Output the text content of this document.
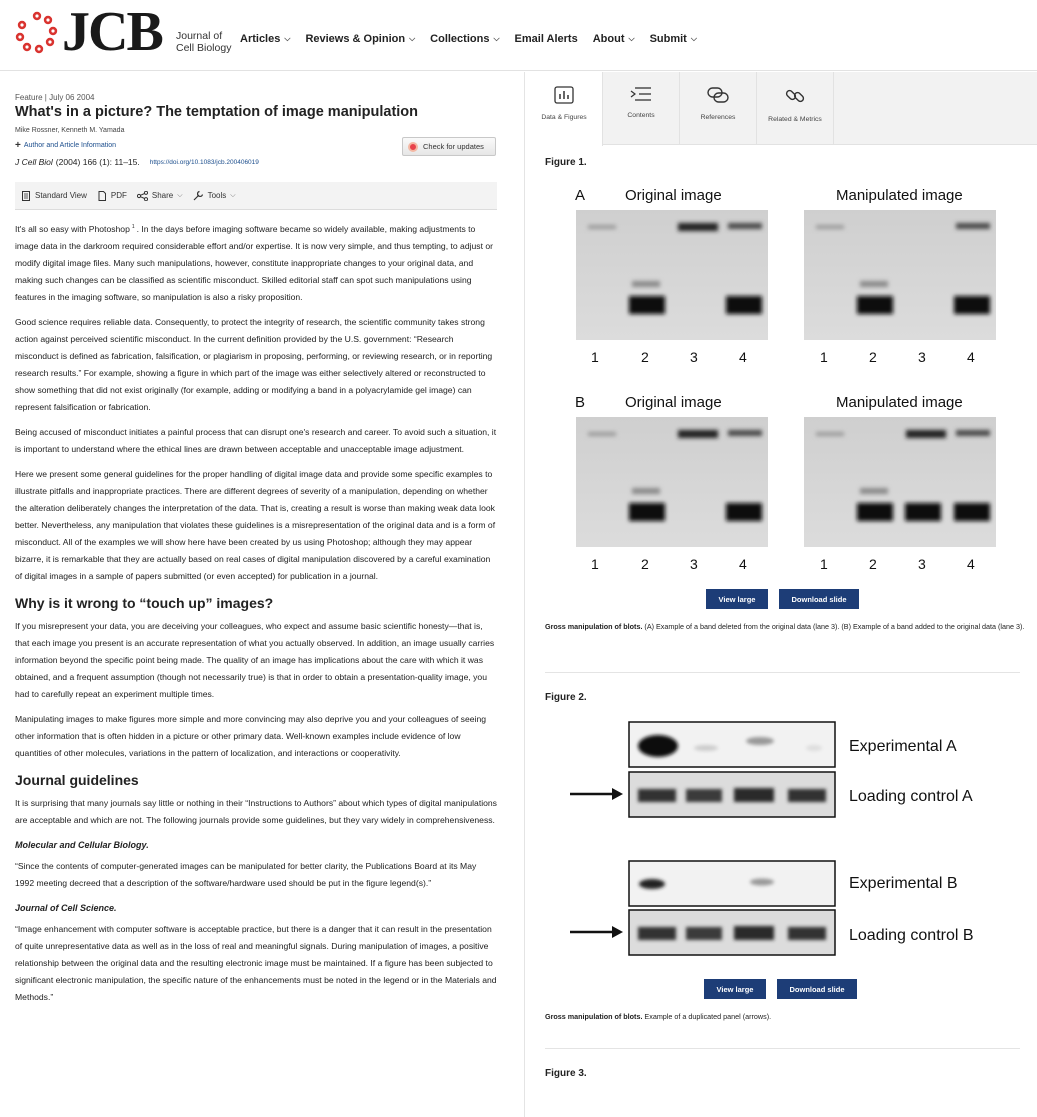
JCB Journal of
Cell Biology
Articles ⌵ Reviews & Opinion ⌵ Collections ⌵ Email Alerts About ⌵ Submit ⌵
Feature | July 06 2004
What's in a picture? The temptation of image manipulation
Mike Rossner, Kenneth M. Yamada
+ Author and Article Information	Check for updates
J Cell Biol (2004) 166 (1): 11–15. https://doi.org/10.1083/jcb.200406019
Standard View	PDF	Share ⌵	Tools ⌵

It's all so easy with Photoshop $^1$ . In the days before imaging software became so widely available, making adjustments to image data in the darkroom required considerable effort and/or expertise. It is now very simple, and thus tempting, to adjust or modify digital image files. Many such manipulations, however, constitute inappropriate changes to your original data, and making such changes can be classified as scientific misconduct. Skilled editorial staff can spot such manipulations using features in the imaging software, so manipulation is also a risky proposition.

Good science requires reliable data. Consequently, to protect the integrity of research, the scientific community takes strong action against perceived scientific misconduct. In the current definition provided by the U.S. government: “Research misconduct is defined as fabrication, falsification, or plagiarism in proposing, performing, or reviewing research, or in reporting research results.” For example, showing a figure in which part of the image was either selectively altered or reconstructed to show something that did not exist originally (for example, adding or modifying a band in a polyacrylamide gel image) can represent falsification or fabrication.

Being accused of misconduct initiates a painful process that can disrupt one's research and career. To avoid such a situation, it is important to understand where the ethical lines are drawn between acceptable and unacceptable image adjustment.

Here we present some general guidelines for the proper handling of digital image data and provide some specific examples to illustrate pitfalls and inappropriate practices. There are different degrees of severity of a manipulation, depending on whether the alteration deliberately changes the interpretation of the data. That is, creating a result is worse than making weak data look better. Nevertheless, any manipulation that violates these guidelines is a misrepresentation of the original data and is a form of misconduct. All of the examples we will show here have been created by us using Photoshop; although they may appear bizarre, it is remarkable that they are actually based on real cases of digital manipulation discovered by a careful examination of digital images in a sample of papers submitted (or even accepted) for publication in a journal.

Why is it wrong to “touch up” images?

If you misrepresent your data, you are deceiving your colleagues, who expect and assume basic scientific honesty—that is, that each image you present is an accurate representation of what you actually observed. In addition, an image usually carries information beyond the specific point being made. The quality of an image has implications about the care with which it was obtained, and a frequent assumption (though not necessarily true) is that in order to obtain a presentation-quality image, you had to carefully repeat an experiment multiple times.

Manipulating images to make figures more simple and more convincing may also deprive you and your colleagues of seeing other information that is often hidden in a picture or other primary data. Well-known examples include evidence of low quantities of other molecules, variations in the pattern of localization, and interactions or cooperativity.

Journal guidelines

It is surprising that many journals say little or nothing in their “Instructions to Authors” about which types of digital manipulations are acceptable and which are not. The following journals provide some guidelines, but they vary widely in comprehensiveness.

Molecular and Cellular Biology.

“Since the contents of computer-generated images can be manipulated for better clarity, the Publications Board at its May 1992 meeting decreed that a description of the software/hardware used should be put in the figure legend(s).”

Journal of Cell Science.

“Image enhancement with computer software is acceptable practice, but there is a danger that it can result in the presentation of quite unrepresentative data as well as in the loss of real and meaningful signals. During manipulation of images, a positive relationship between the original data and the resulting electronic image must be maintained. If a figure has been subjected to significant electronic manipulation, the specific nature of the enhancements must be noted in the legend or in the Materials and Methods.”

Data & Figures	Contents	References	Related & Metrics
Figure 1.
A	Original image	Manipulated image
1	2	3	4	1	2	3	4
B	Original image	Manipulated image
1	2	3	4	1	2	3	4
View large	Download slide
Gross manipulation of blots. (A) Example of a band deleted from the original data (lane 3). (B) Example of a band added to the original data (lane 3).
Figure 2.
Experimental A
Loading control A
Experimental B
Loading control B
View large	Download slide
Gross manipulation of blots. Example of a duplicated panel (arrows).
Figure 3.
